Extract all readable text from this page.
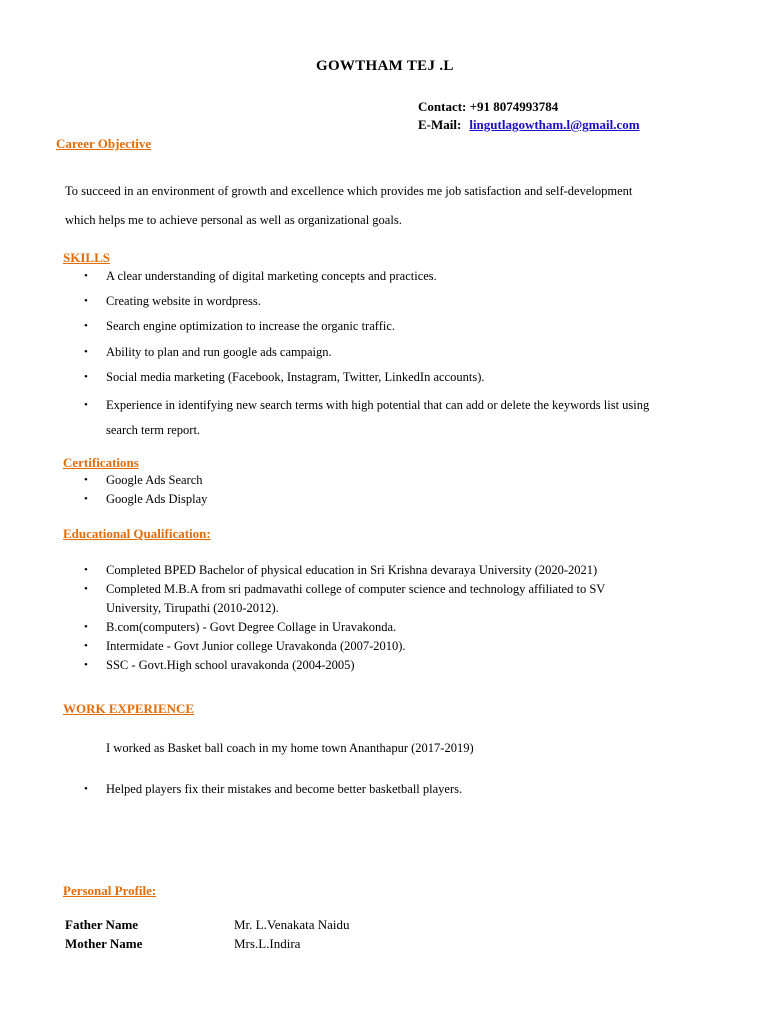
GOWTHAM TEJ .L
Contact: +91 8074993784
E-Mail: lingutlagowtham.l@gmail.com
Career Objective
To succeed in an environment of growth and excellence which provides me job satisfaction and self-development
which helps me to achieve personal as well as organizational goals.
SKILLS
• A clear understanding of digital marketing concepts and practices.
• Creating website in wordpress.
• Search engine optimization to increase the organic traffic.
• Ability to plan and run google ads campaign.
• Social media marketing (Facebook, Instagram, Twitter, LinkedIn accounts).
• Experience in identifying new search terms with high potential that can add or delete the keywords list using
search term report.
Certifications
• Google Ads Search
• Google Ads Display
Educational Qualification:
• Completed BPED Bachelor of physical education in Sri Krishna devaraya University (2020-2021)
• Completed M.B.A from sri padmavathi college of computer science and technology affiliated to SV
University, Tirupathi (2010-2012).
• B.com(computers) - Govt Degree Collage in Uravakonda.
• Intermidate - Govt Junior college Uravakonda (2007-2010).
• SSC - Govt.High school uravakonda (2004-2005)
WORK EXPERIENCE
I worked as Basket ball coach in my home town Ananthapur (2017-2019)
• Helped players fix their mistakes and become better basketball players.
Personal Profile:
Father Name	Mr. L.Venakata Naidu
Mother Name	Mrs.L.Indira
